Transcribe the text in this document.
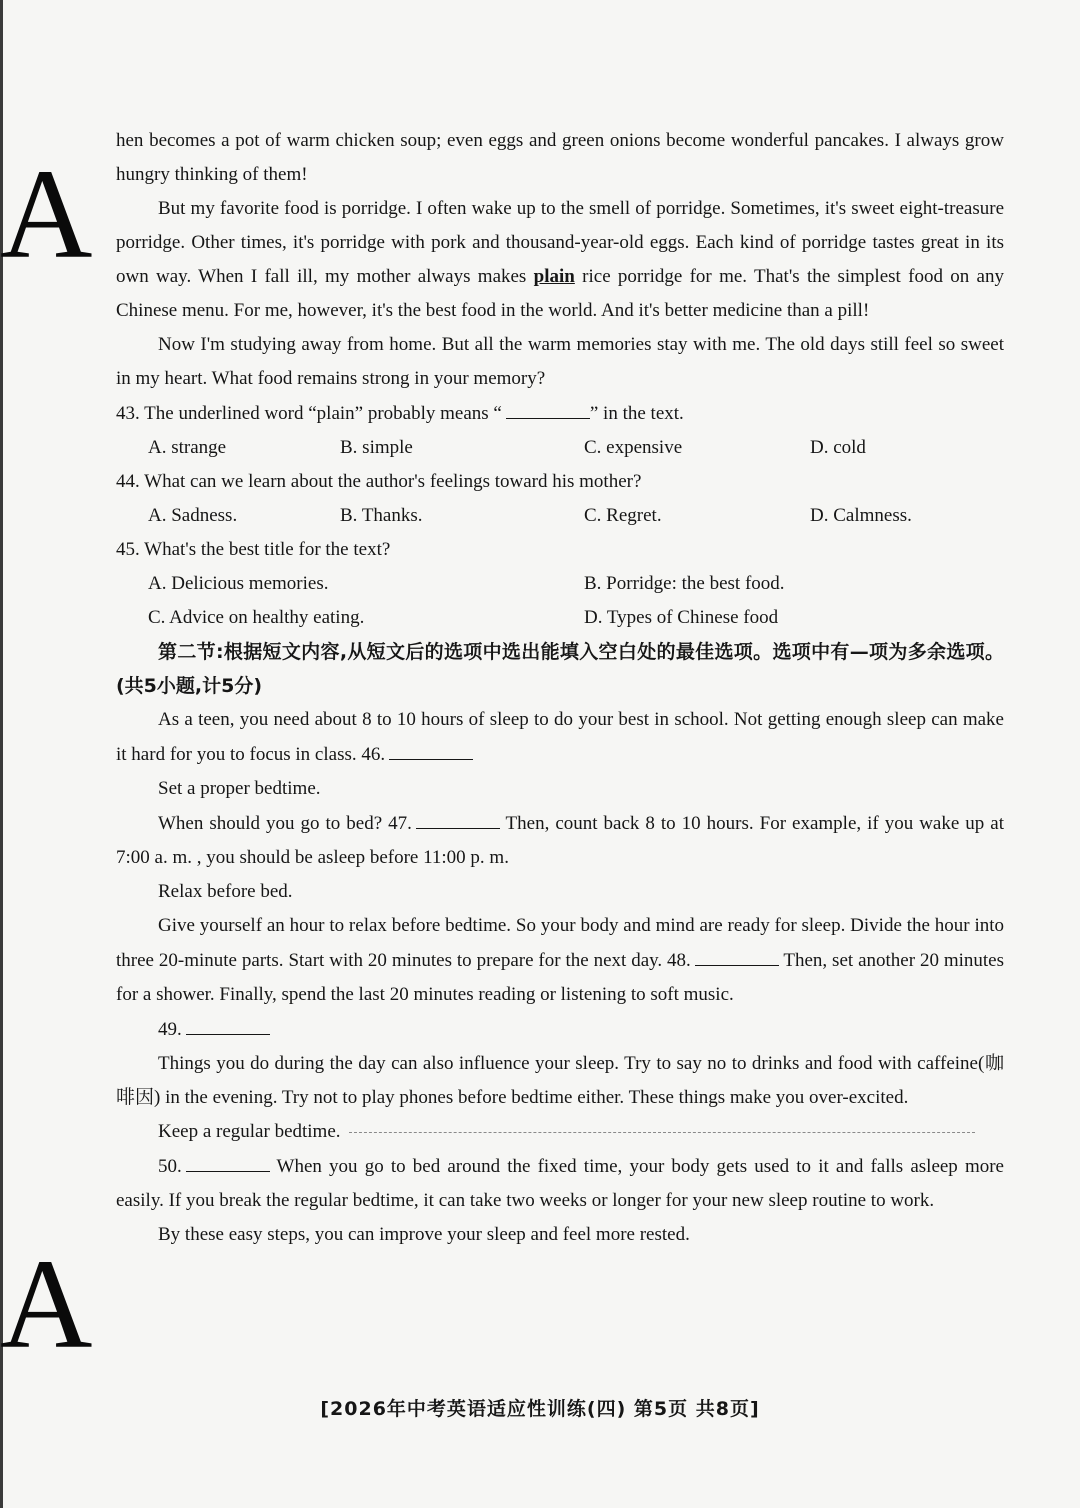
A
A

hen becomes a pot of warm chicken soup; even eggs and green onions become wonderful pancakes. I always grow hungry thinking of them!

But my favorite food is porridge. I often wake up to the smell of porridge. Sometimes, it's sweet eight-treasure porridge. Other times, it's porridge with pork and thousand-year-old eggs. Each kind of porridge tastes great in its own way. When I fall ill, my mother always makes plain rice porridge for me. That's the simplest food on any Chinese menu. For me, however, it's the best food in the world. And it's better medicine than a pill!

Now I'm studying away from home. But all the warm memories stay with me. The old days still feel so sweet in my heart. What food remains strong in your memory?

43. The underlined word “plain” probably means “	” in the text.

A. strange	B. simple	C. expensive	D. cold

44. What can we learn about the author's feelings toward his mother?

A. Sadness.	B. Thanks.	C. Regret.	D. Calmness.

45. What's the best title for the text?

A. Delicious memories.	B. Porridge: the best food.
C. Advice on healthy eating.	D. Types of Chinese food

第二节:根据短文内容,从短文后的选项中选出能填入空白处的最佳选项。选项中有—项为多余选项。(共5小题,计5分)

As a teen, you need about 8 to 10 hours of sleep to do your best in school. Not getting enough sleep can make it hard for you to focus in class. 46.

Set a proper bedtime.

When should you go to bed? 47.	Then, count back 8 to 10 hours. For example, if you wake up at 7:00 a. m. , you should be asleep before 11:00 p. m.

Relax before bed.

Give yourself an hour to relax before bedtime. So your body and mind are ready for sleep. Divide the hour into three 20-minute parts. Start with 20 minutes to prepare for the next day. 48.	Then, set another 20 minutes for a shower. Finally, spend the last 20 minutes reading or listening to soft music.

49.

Things you do during the day can also influence your sleep. Try to say no to drinks and food with caffeine(咖啡因) in the evening. Try not to play phones before bedtime either. These things make you over-excited.

Keep a regular bedtime.

50.	When you go to bed around the fixed time, your body gets used to it and falls asleep more easily. If you break the regular bedtime, it can take two weeks or longer for your new sleep routine to work.

By these easy steps, you can improve your sleep and feel more rested.

[2026年中考英语适应性训练(四) 第5页 共8页]
